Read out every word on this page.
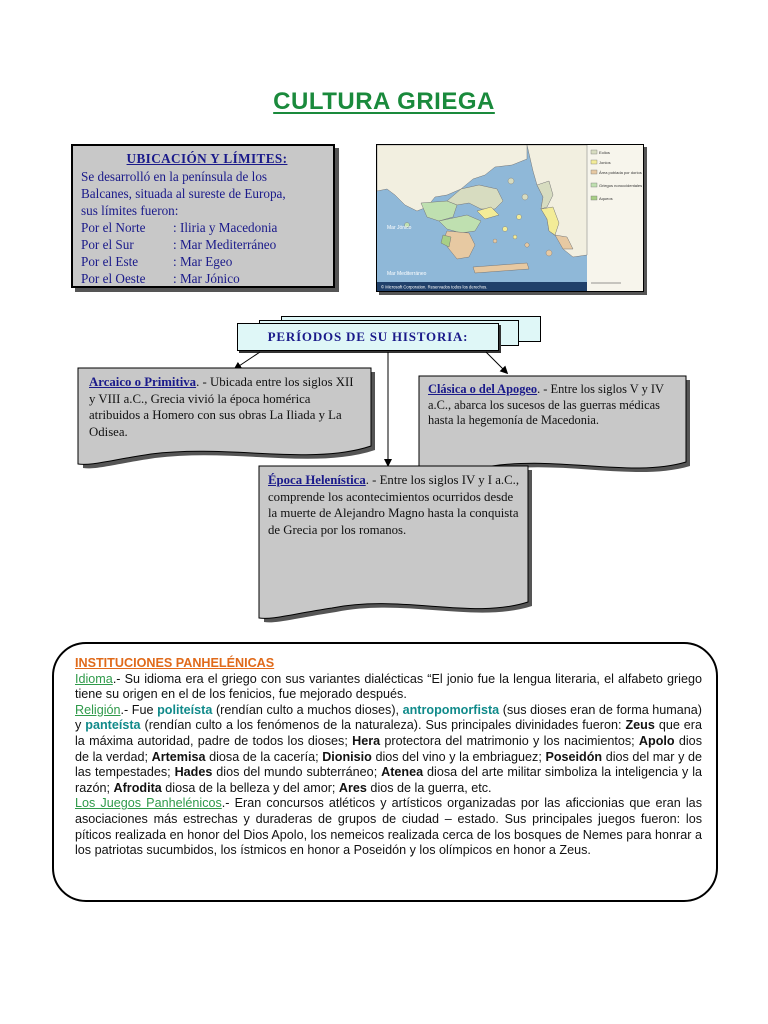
CULTURA GRIEGA
UBICACIÓN Y LÍMITES:
Se desarrolló en la península de los
Balcanes, situada al sureste de Europa,
sus límites fueron:
Por el Norte	: Iliria y Macedonia
Por el Sur	: Mar Mediterráneo
Por el Este	: Mar Egeo
Por el Oeste	: Mar Jónico
Mar Jónico
Mar Mediterráneo
© Microsoft Corporation. Reservados todos los derechos.
Eolios
Jonios
Área poblada por dorios
Griegos noroccidentales
Aqueos
PERÍODOS DE SU HISTORIA:
Arcaico o Primitiva. - Ubicada entre los siglos XII y VIII a.C., Grecia vivió la época homérica atribuidos a Homero con sus obras La Iliada y La Odisea.
Clásica o del Apogeo. - Entre los siglos V y IV a.C., abarca los sucesos de las guerras médicas hasta la hegemonía de Macedonia.
Época Helenística. - Entre los siglos IV y I a.C., comprende los acontecimientos ocurridos desde la muerte de Alejandro Magno hasta la conquista de Grecia por los romanos.
INSTITUCIONES PANHELÉNICAS
Idioma.- Su idioma era el griego con sus variantes dialécticas “El jonio fue la lengua literaria, el alfabeto griego tiene su origen en el de los fenicios, fue mejorado después.
Religión.- Fue politeísta (rendían culto a muchos dioses), antropomorfista (sus dioses eran de forma humana) y panteísta (rendían culto a los fenómenos de la naturaleza). Sus principales divinidades fueron: Zeus que era la máxima autoridad, padre de todos los dioses; Hera protectora del matrimonio y los nacimientos; Apolo dios de la verdad; Artemisa diosa de la cacería; Dionisio dios del vino y la embriaguez; Poseidón dios del mar y de las tempestades; Hades dios del mundo subterráneo; Atenea diosa del arte militar simboliza la inteligencia y la razón; Afrodita diosa de la belleza y del amor; Ares dios de la guerra, etc.
Los Juegos Panhelénicos.- Eran concursos atléticos y artísticos organizadas por las aficcionias que eran las asociaciones más estrechas y duraderas de grupos de ciudad – estado. Sus principales juegos fueron: los píticos realizada en honor del Dios Apolo, los nemeicos realizada cerca de los bosques de Nemes para honrar a los patriotas sucumbidos, los ístmicos en honor a Poseidón y los olímpicos en honor a Zeus.
